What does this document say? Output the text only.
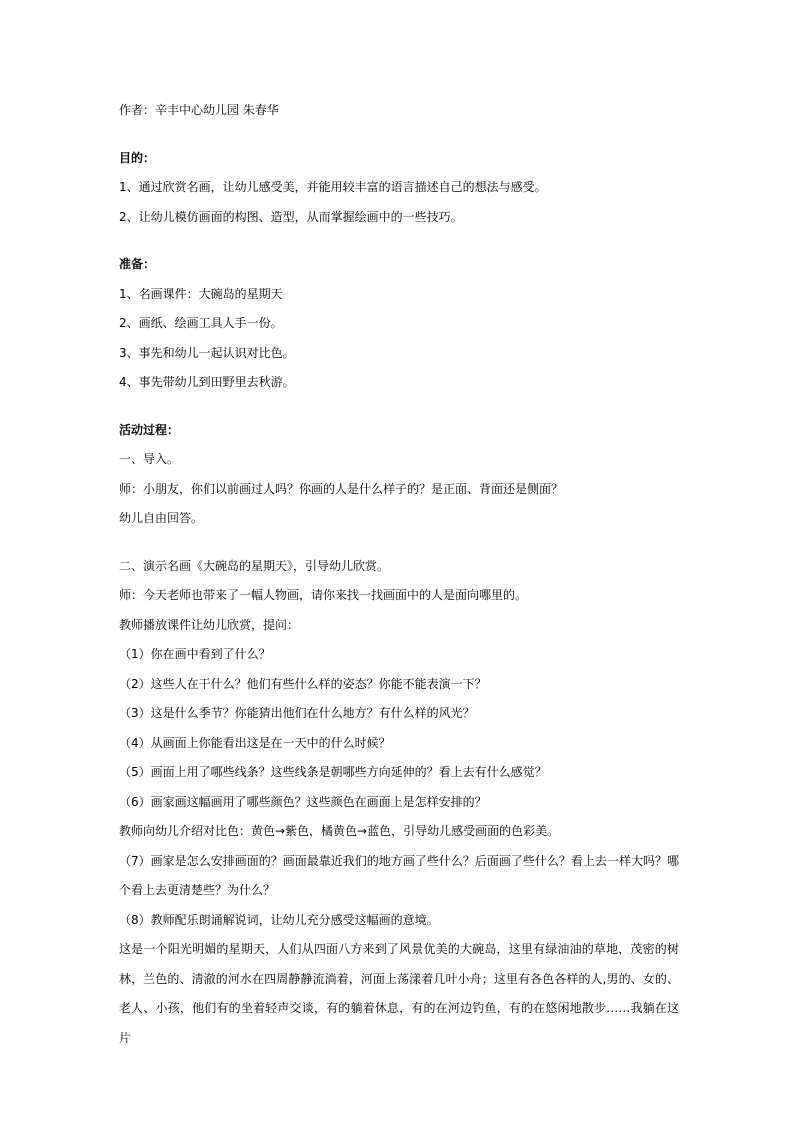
作者：辛丰中心幼儿园 朱春华
目的：
1、通过欣赏名画，让幼儿感受美，并能用较丰富的语言描述自己的想法与感受。
2、让幼儿模仿画面的构图、造型，从而掌握绘画中的一些技巧。
准备：
1、名画课件：大碗岛的星期天
2、画纸、绘画工具人手一份。
3、事先和幼儿一起认识对比色。
4、事先带幼儿到田野里去秋游。
活动过程：
一、导入。
师：小朋友，你们以前画过人吗？你画的人是什么样子的？是正面、背面还是侧面？
幼儿自由回答。
二、演示名画《大碗岛的星期天》，引导幼儿欣赏。
师：今天老师也带来了一幅人物画，请你来找一找画面中的人是面向哪里的。
教师播放课件让幼儿欣赏，提问：
（1）你在画中看到了什么？
（2）这些人在干什么？他们有些什么样的姿态？你能不能表演一下？
（3）这是什么季节？你能猜出他们在什么地方？有什么样的风光？
（4）从画面上你能看出这是在一天中的什么时候？
（5）画面上用了哪些线条？这些线条是朝哪些方向延伸的？看上去有什么感觉？
（6）画家画这幅画用了哪些颜色？这些颜色在画面上是怎样安排的？
教师向幼儿介绍对比色：黄色→紫色，橘黄色→蓝色，引导幼儿感受画面的色彩美。
（7）画家是怎么安排画面的？画面最靠近我们的地方画了些什么？后面画了些什么？看上去一样大吗？哪个看上去更清楚些？为什么？
（8）教师配乐朗诵解说词，让幼儿充分感受这幅画的意境。
这是一个阳光明媚的星期天，人们从四面八方来到了风景优美的大碗岛，这里有绿油油的草地，茂密的树林，兰色的、清澈的河水在四周静静流淌着，河面上荡漾着几叶小舟；这里有各色各样的人,男的、女的、老人、小孩，他们有的坐着轻声交谈，有的躺着休息，有的在河边钓鱼，有的在悠闲地散步……我躺在这片
